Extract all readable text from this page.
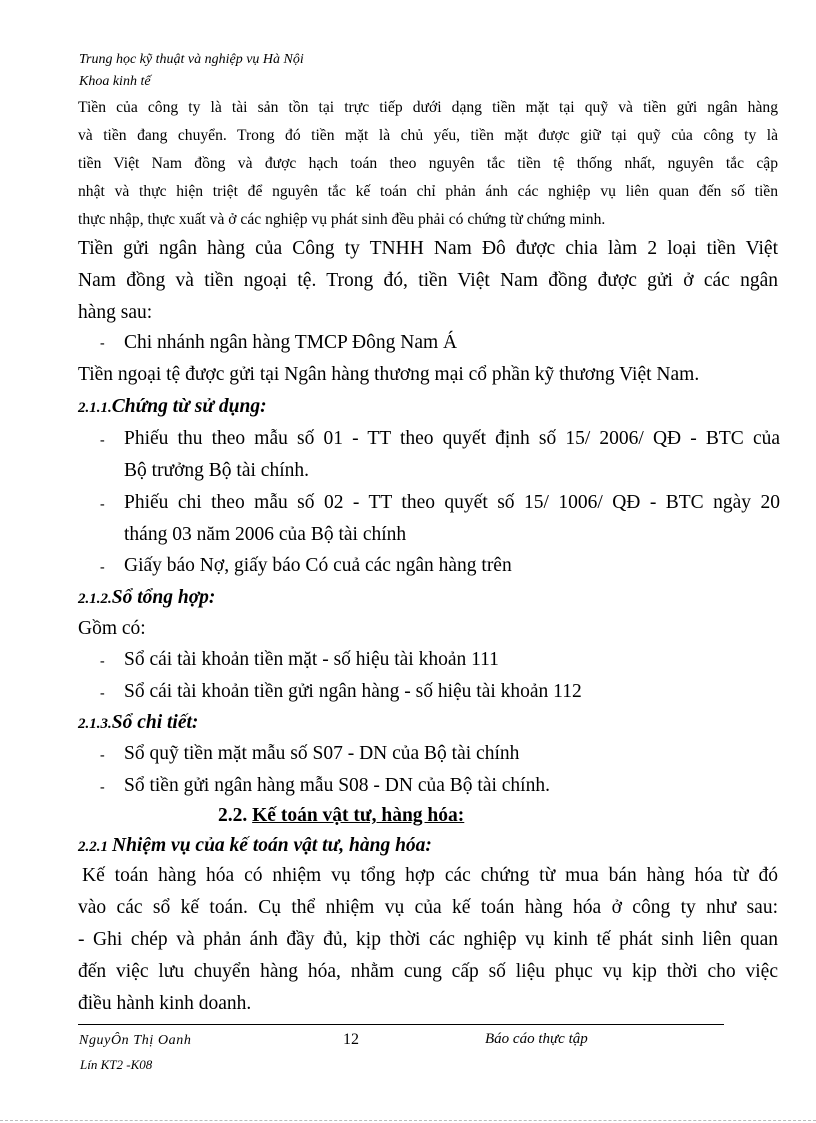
Trung học kỹ thuật và nghiệp vụ Hà Nội
Khoa kinh tế
Tiền của công ty là tài sản tồn tại trực tiếp dưới dạng tiền mặt tại quỹ và tiền gửi ngân hàng
và tiền đang chuyển. Trong đó tiền mặt là chủ yếu, tiền mặt được giữ tại quỹ của công ty là
tiền Việt Nam đồng và được hạch toán theo nguyên tắc tiền tệ thống nhất, nguyên tắc cập
nhật và thực hiện triệt để nguyên tắc kế toán chỉ phản ánh các nghiệp vụ liên quan đến số tiền
thực nhập, thực xuất và ở các nghiệp vụ phát sinh đều phải có chứng từ chứng minh.
Tiền gửi ngân hàng của Công ty TNHH Nam Đô được chia làm 2 loại tiền Việt
Nam đồng và tiền ngoại tệ. Trong đó, tiền Việt Nam đồng được gửi ở các ngân
hàng sau:
- Chi nhánh ngân hàng TMCP Đông Nam Á
Tiền ngoại tệ được gửi tại Ngân hàng thương mại cổ phần kỹ thương Việt Nam.
2.1.1.Chứng từ sử dụng:
- Phiếu thu theo mẫu số 01 - TT theo quyết định số 15/ 2006/ QĐ - BTC của
Bộ trưởng Bộ tài chính.
- Phiếu chi theo mẫu số 02 - TT theo quyết số 15/ 1006/ QĐ - BTC ngày 20
tháng 03 năm 2006 của Bộ tài chính
- Giấy báo Nợ, giấy báo Có cuả các ngân hàng trên
2.1.2.Sổ tổng hợp:
Gồm có:
- Sổ cái tài khoản tiền mặt - số hiệu tài khoản 111
- Sổ cái tài khoản tiền gửi ngân hàng - số hiệu tài khoản 112
2.1.3.Sổ chi tiết:
- Sổ quỹ tiền mặt mẫu số S07 - DN của Bộ tài chính
- Sổ tiền gửi ngân hàng mẫu S08 - DN của Bộ tài chính.
2.2. Kế toán vật tư, hàng hóa:
2.2.1 Nhiệm vụ của kế toán vật tư, hàng hóa:
Kế toán hàng hóa có nhiệm vụ tổng hợp các chứng từ mua bán hàng hóa từ đó
vào các sổ kế toán. Cụ thể nhiệm vụ của kế toán hàng hóa ở công ty như sau:
- Ghi chép và phản ánh đầy đủ, kịp thời các nghiệp vụ kinh tế phát sinh liên quan
đến việc lưu chuyển hàng hóa, nhằm cung cấp số liệu phục vụ kịp thời cho việc
điều hành kinh doanh.
NguyÔn Thị Oanh
Lín KT2 -K08
12	Báo cáo thực tập
